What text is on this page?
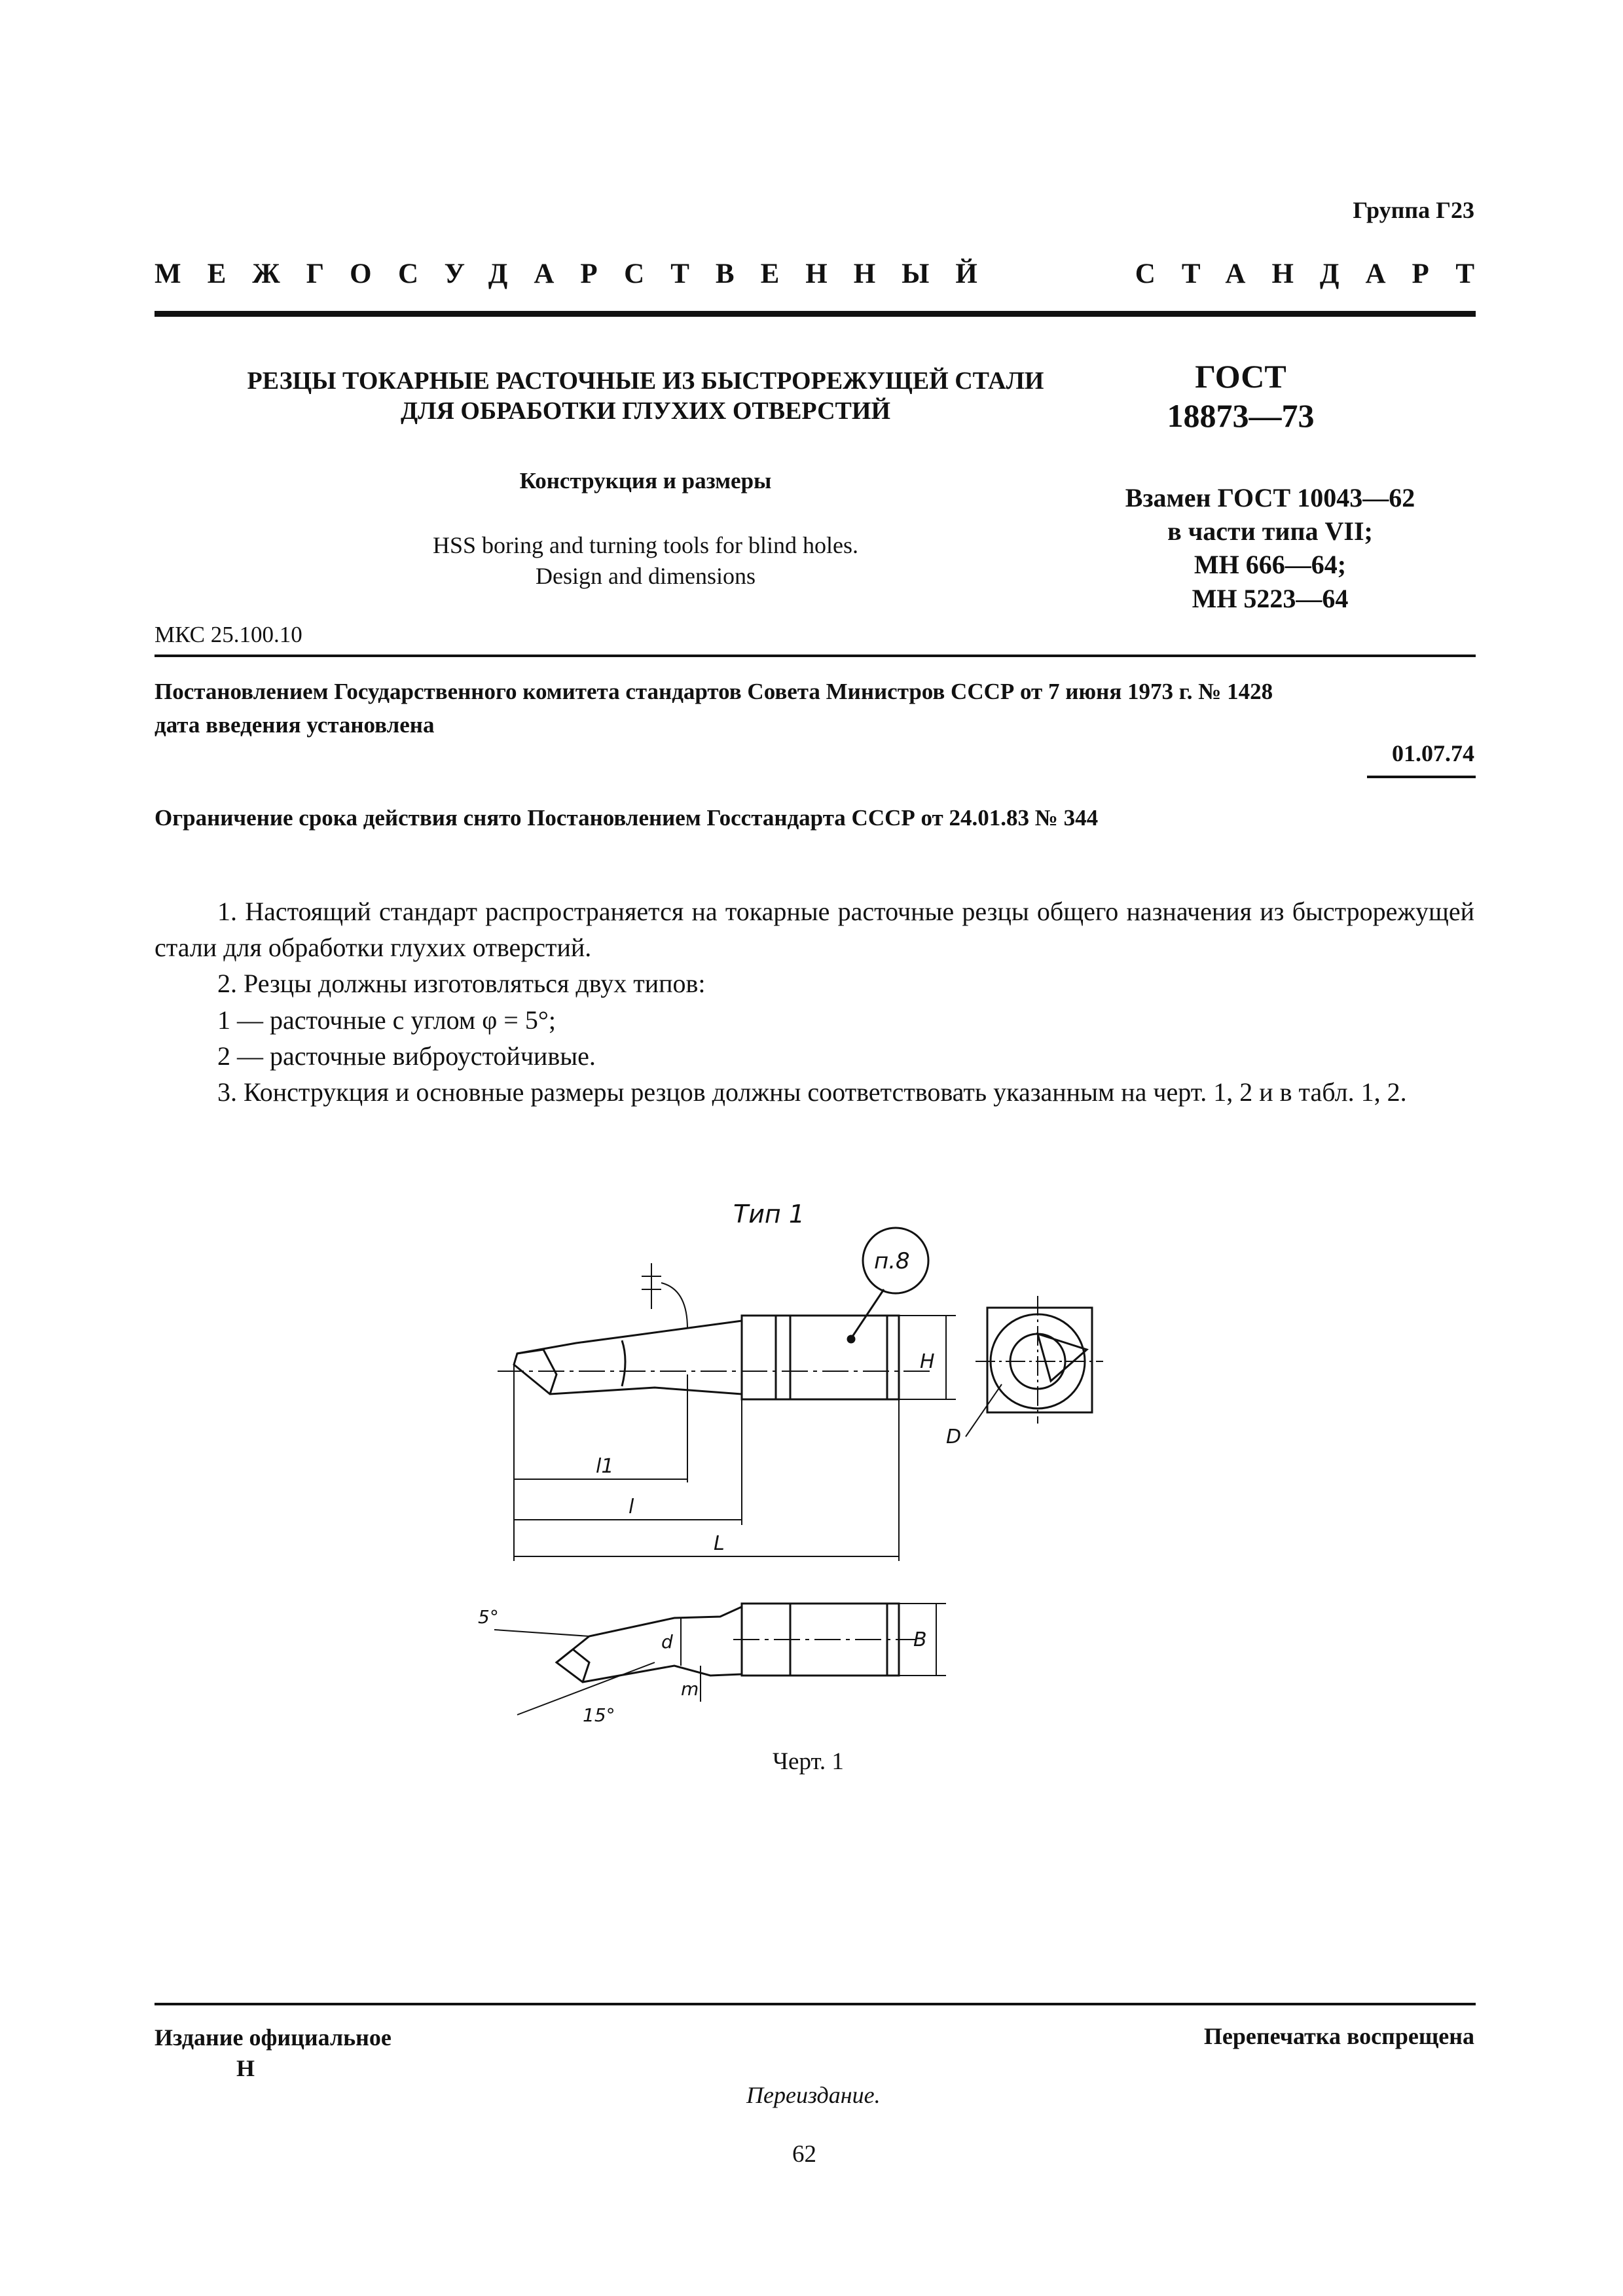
Группа Г23
МЕЖГОСУДАРСТВЕННЫЙ	СТАНДАРТ
РЕЗЦЫ ТОКАРНЫЕ РАСТОЧНЫЕ ИЗ БЫСТРОРЕЖУЩЕЙ СТАЛИ
ДЛЯ ОБРАБОТКИ ГЛУХИХ ОТВЕРСТИЙ
ГОСТ
18873—73
Конструкция и размеры
HSS boring and turning tools for blind holes.
Design and dimensions
Взамен ГОСТ 10043—62
в части типа VII;
МН 666—64;
МН 5223—64
МКС 25.100.10
Постановлением Государственного комитета стандартов Совета Министров СССР от 7 июня 1973 г. № 1428
дата введения установлена
01.07.74
Ограничение срока действия снято Постановлением Госстандарта СССР от 24.01.83 № 344

1. Настоящий стандарт распространяется на токарные расточные резцы общего назначения из быстрорежущей стали для обработки глухих отверстий.

2. Резцы должны изготовляться двух типов:

1 — расточные с углом φ = 5°;

2 — расточные виброустойчивые.

3. Конструкция и основные размеры резцов должны соответствовать указанным на черт. 1, 2 и в табл. 1, 2.

Тип 1
п.8
H
D
l1
l
L
5°
15°
d
m
B
Черт. 1
Издание официальное
Н
Перепечатка воспрещена
Переиздание.
62
